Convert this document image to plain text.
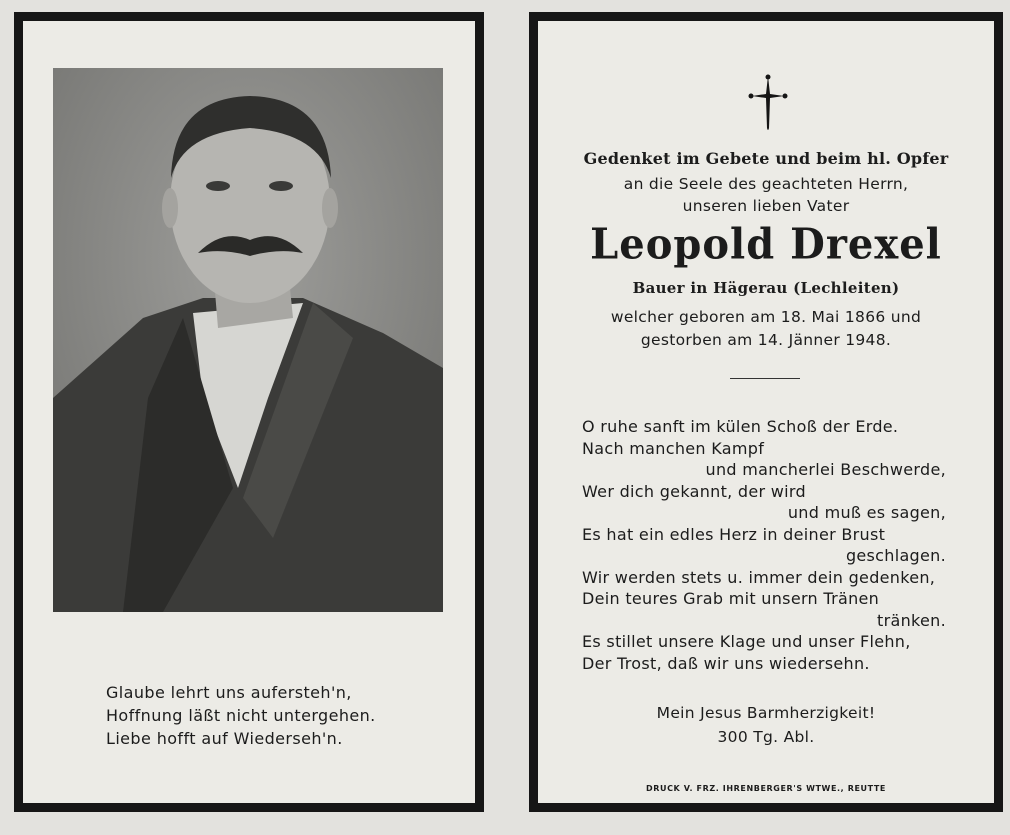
Glaube lehrt uns aufersteh'n,
Hoffnung läßt nicht untergehen.
Liebe hofft auf Wiederseh'n.
Gedenket im Gebete und beim hl. Opfer
an die Seele des geachteten Herrn,
unseren lieben Vater
Leopold Drexel
Bauer in Hägerau (Lechleiten)
welcher geboren am 18. Mai 1866 und
gestorben am 14. Jänner 1948.
O ruhe sanft im külen Schoß der Erde.
Nach manchen Kampf
und mancherlei Beschwerde,
Wer dich gekannt, der wird
und muß es sagen,
Es hat ein edles Herz in deiner Brust
geschlagen.
Wir werden stets u. immer dein gedenken,
Dein teures Grab mit unsern Tränen
tränken.
Es stillet unsere Klage und unser Flehn,
Der Trost, daß wir uns wiedersehn.
Mein Jesus Barmherzigkeit!
300 Tg. Abl.
DRUCK V. FRZ. IHRENBERGER'S WTWE., REUTTE
